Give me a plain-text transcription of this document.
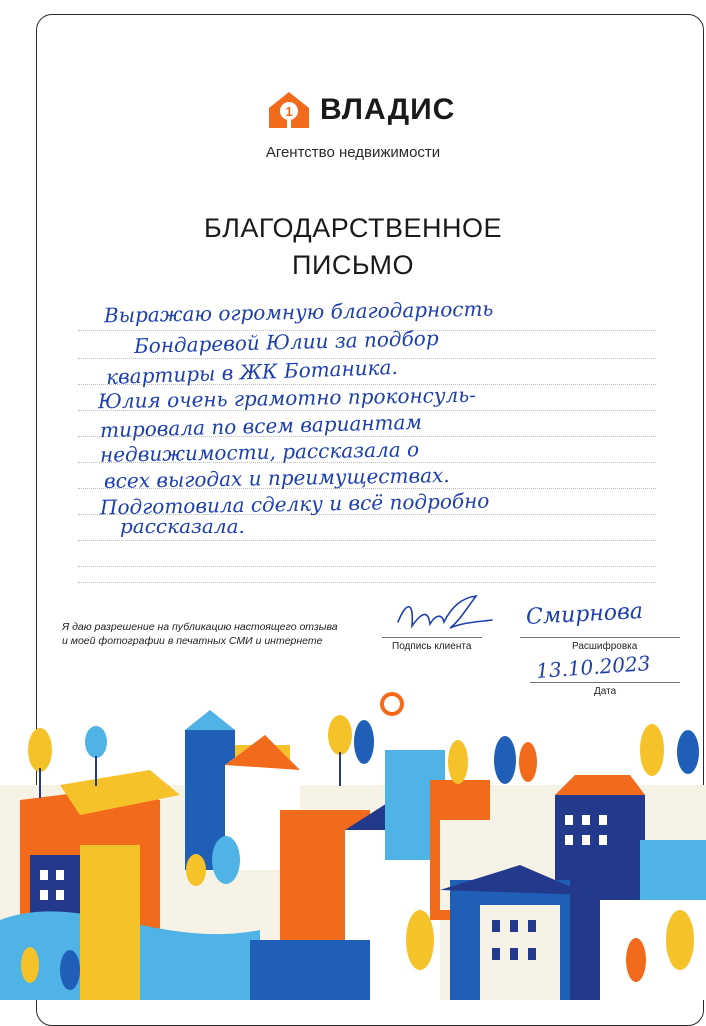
1 ВЛАДИС
Агентство недвижимости
БЛАГОДАРСТВЕННОЕ
ПИСЬМО
Выражаю огромную благодарность
Бондаревой Юлии за подбор
квартиры в ЖК Ботаника.
Юлия очень грамотно проконсуль-
тировала по всем вариантам
недвижимости, рассказала о
всех выгодах и преимуществах.
Подготовила сделку и всё подробно
рассказала.
Я даю разрешение на публикацию настоящего отзыва
и моей фотографии в печатных СМИ и интернете	Подпись клиента
Смирнова
Расшифровка
13.10.2023
Дата
